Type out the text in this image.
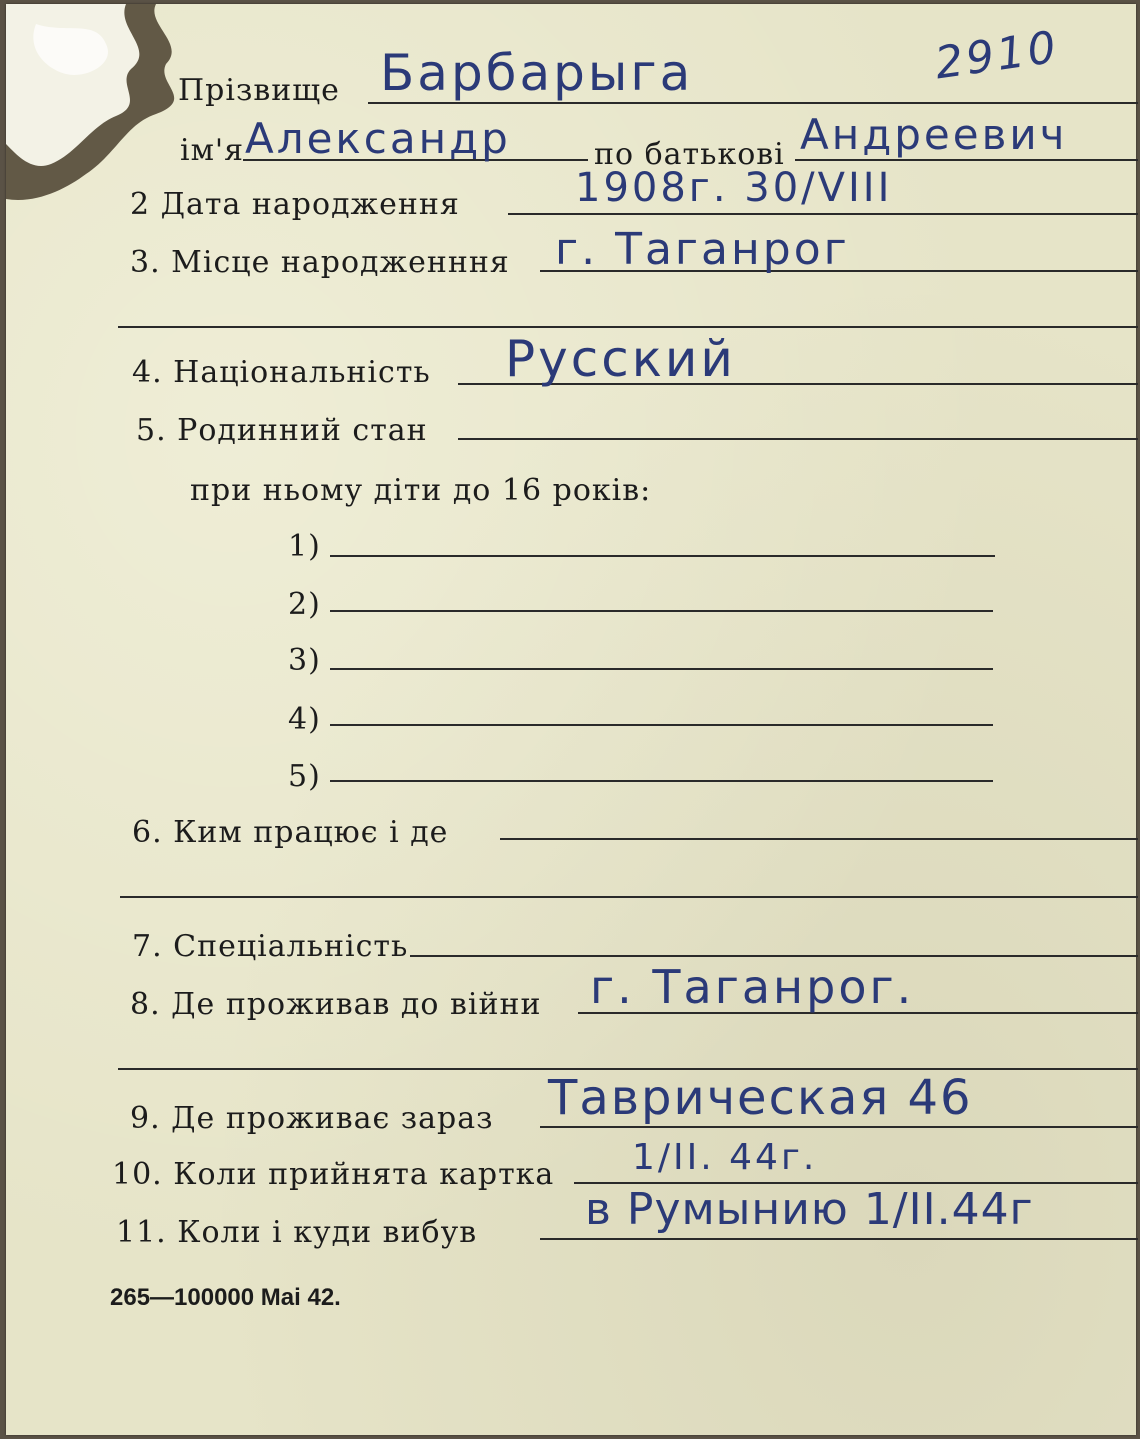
Прізвище Барбарыга	2910
ім'я Александр	по батькові Андреевич
2 Дата народження	1908г. 30/VIII
3. Місце народженння г. Таганрог
4. Національність Русский
5. Родинний стан
при ньому діти до 16 років:
1)
2)
3)
4)
5)
6. Ким працює і де
7. Спеціальність
8. Де проживав до війни г. Таганрог.
9. Де проживає зараз Таврическая 46
10. Коли прийнята картка 1/II. 44г.
11. Коли і куди вибув в Румынию 1/II.44г
265—100000 Mai 42.
